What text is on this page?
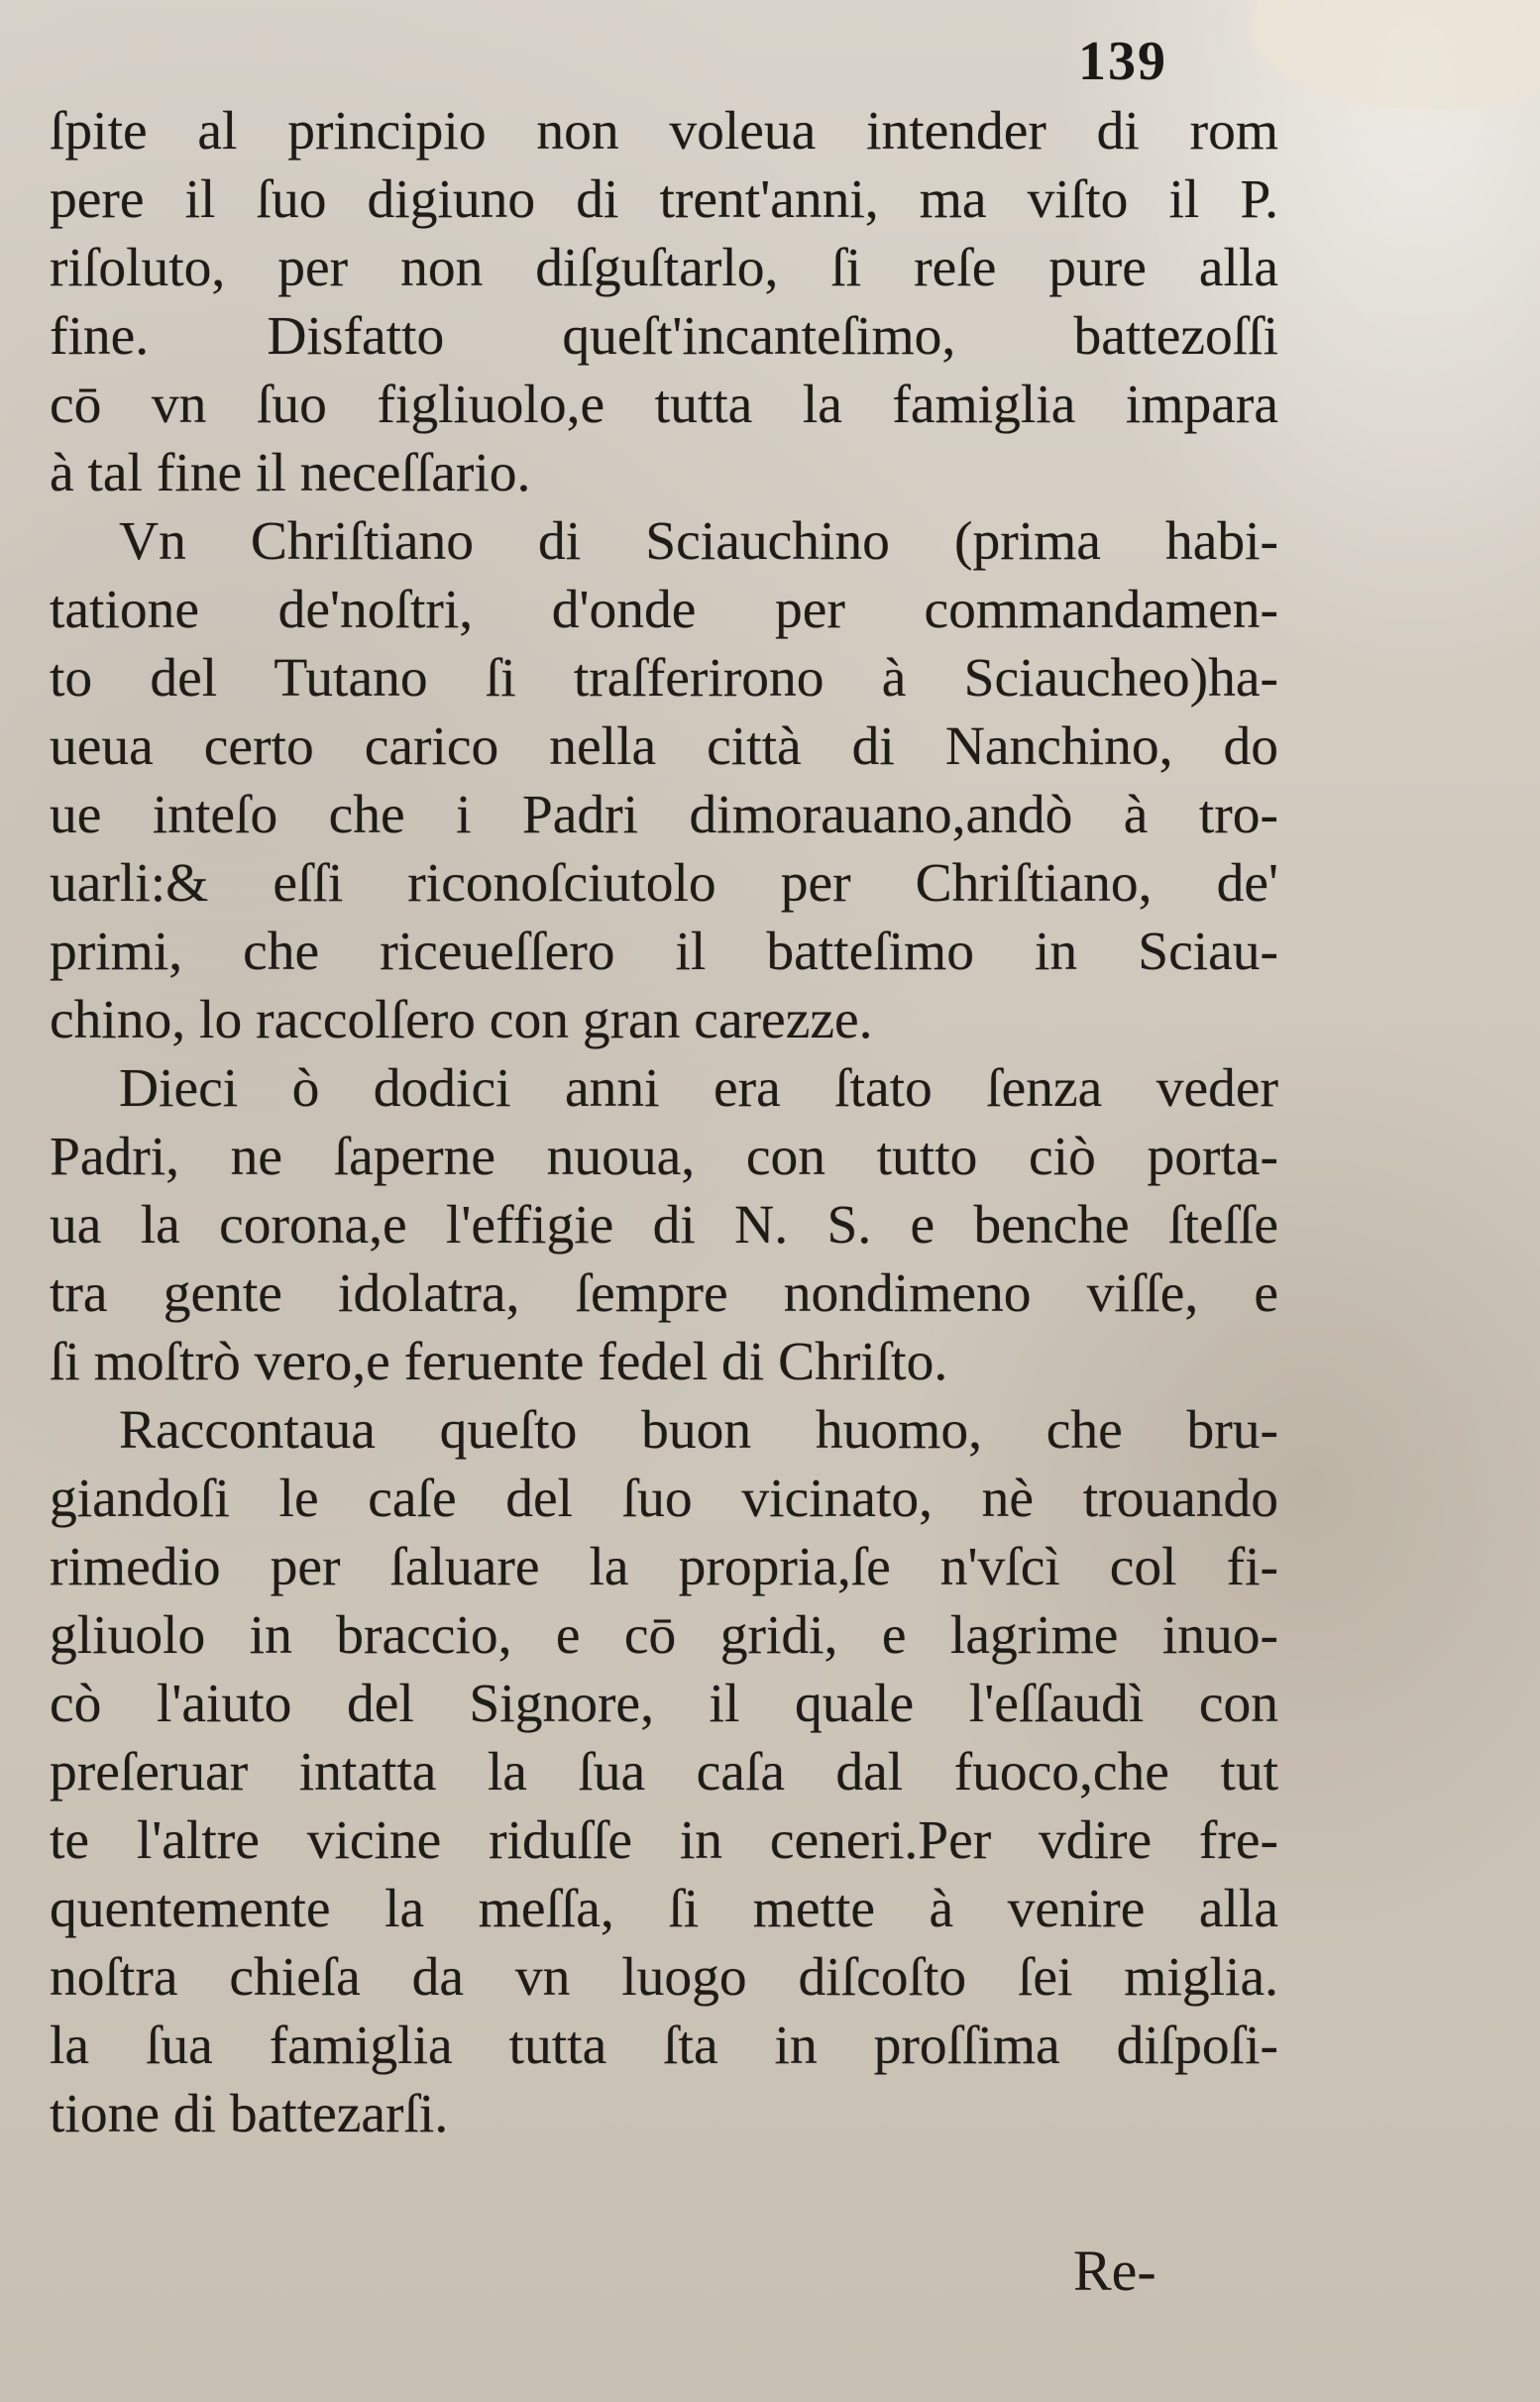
139
ſpite al principio non voleua intender di rom
pere il ſuo digiuno di trent'anni, ma viſto il P.
riſoluto, per non diſguſtarlo, ſi reſe pure alla
fine. Disfatto queſt'incanteſimo, battezoſſi
cō vn ſuo figliuolo,e tutta la famiglia impara
à tal fine il neceſſario.
Vn Chriſtiano di Sciauchino (prima habi-
tatione de'noſtri, d'onde per commandamen-
to del Tutano ſi traſferirono à Sciaucheo)ha-
ueua certo carico nella città di Nanchino, do
ue inteſo che i Padri dimorauano,andò à tro-
uarli:& eſſi riconoſciutolo per Chriſtiano, de'
primi, che riceueſſero il batteſimo in Sciau-
chino, lo raccolſero con gran carezze.
Dieci ò dodici anni era ſtato ſenza veder
Padri, ne ſaperne nuoua, con tutto ciò porta-
ua la corona,e l'effigie di N. S. e benche ſteſſe
tra gente idolatra, ſempre nondimeno viſſe, e
ſi moſtrò vero,e feruente fedel di Chriſto.
Raccontaua queſto buon huomo, che bru-
giandoſi le caſe del ſuo vicinato, nè trouando
rimedio per ſaluare la propria,ſe n'vſcì col fi-
gliuolo in braccio, e cō gridi, e lagrime inuo-
cò l'aiuto del Signore, il quale l'eſſaudì con
preſeruar intatta la ſua caſa dal fuoco,che tut
te l'altre vicine riduſſe in ceneri.Per vdire fre-
quentemente la meſſa, ſi mette à venire alla
noſtra chieſa da vn luogo diſcoſto ſei miglia.
la ſua famiglia tutta ſta in proſſima diſpoſi-
tione di battezarſi.
Re-
